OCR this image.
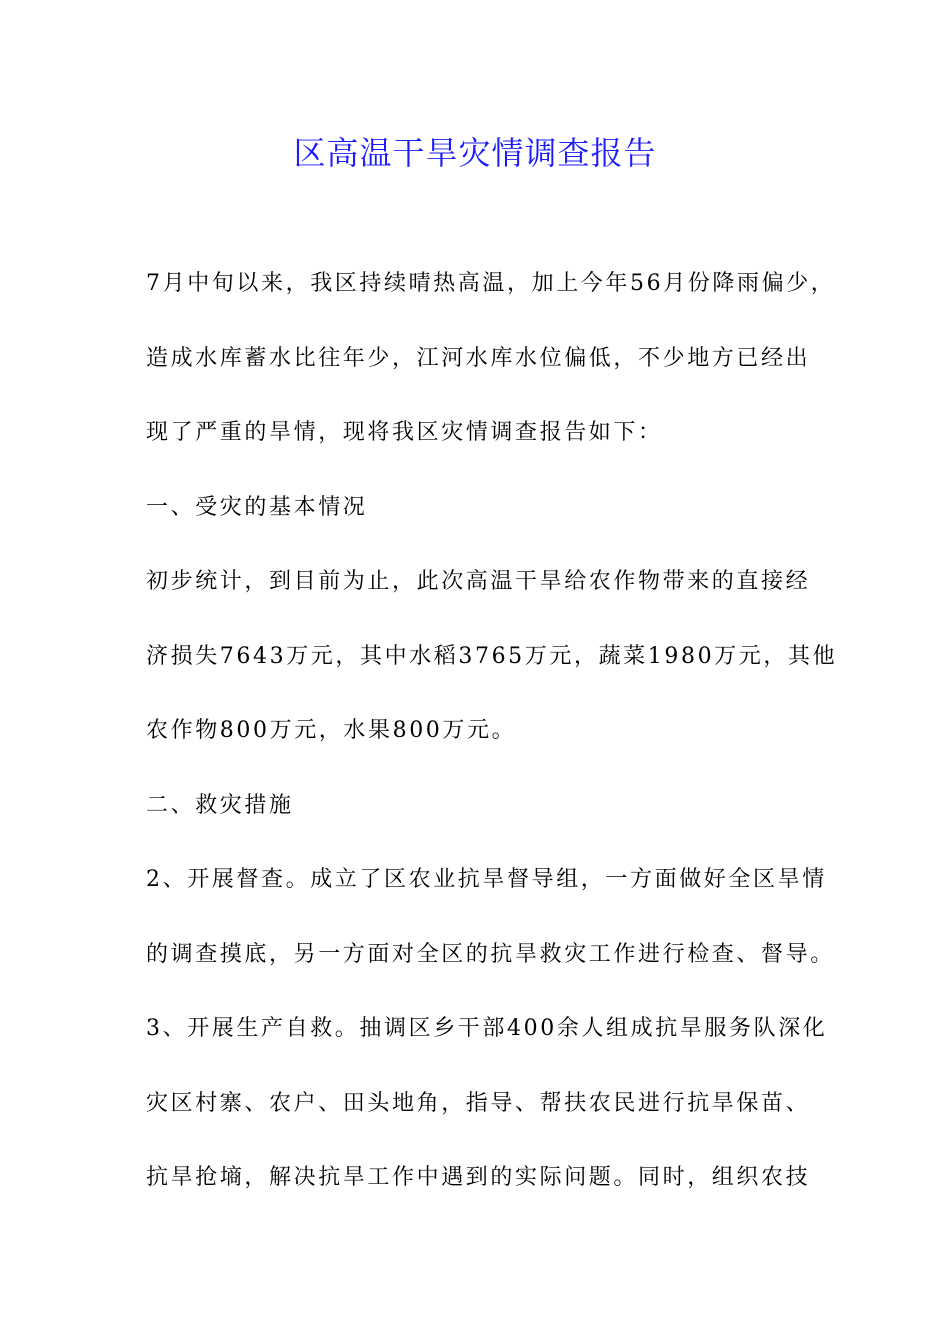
区高温干旱灾情调查报告
7月中旬以来，我区持续晴热高温，加上今年56月份降雨偏少，
造成水库蓄水比往年少，江河水库水位偏低，不少地方已经出
现了严重的旱情，现将我区灾情调查报告如下：
一、受灾的基本情况
初步统计，到目前为止，此次高温干旱给农作物带来的直接经
济损失7643万元，其中水稻3765万元，蔬菜1980万元，其他
农作物800万元，水果800万元。
二、救灾措施
2、开展督查。成立了区农业抗旱督导组，一方面做好全区旱情
的调查摸底，另一方面对全区的抗旱救灾工作进行检查、督导。
3、开展生产自救。抽调区乡干部400余人组成抗旱服务队深化
灾区村寨、农户、田头地角，指导、帮扶农民进行抗旱保苗、
抗旱抢墒，解决抗旱工作中遇到的实际问题。同时，组织农技
